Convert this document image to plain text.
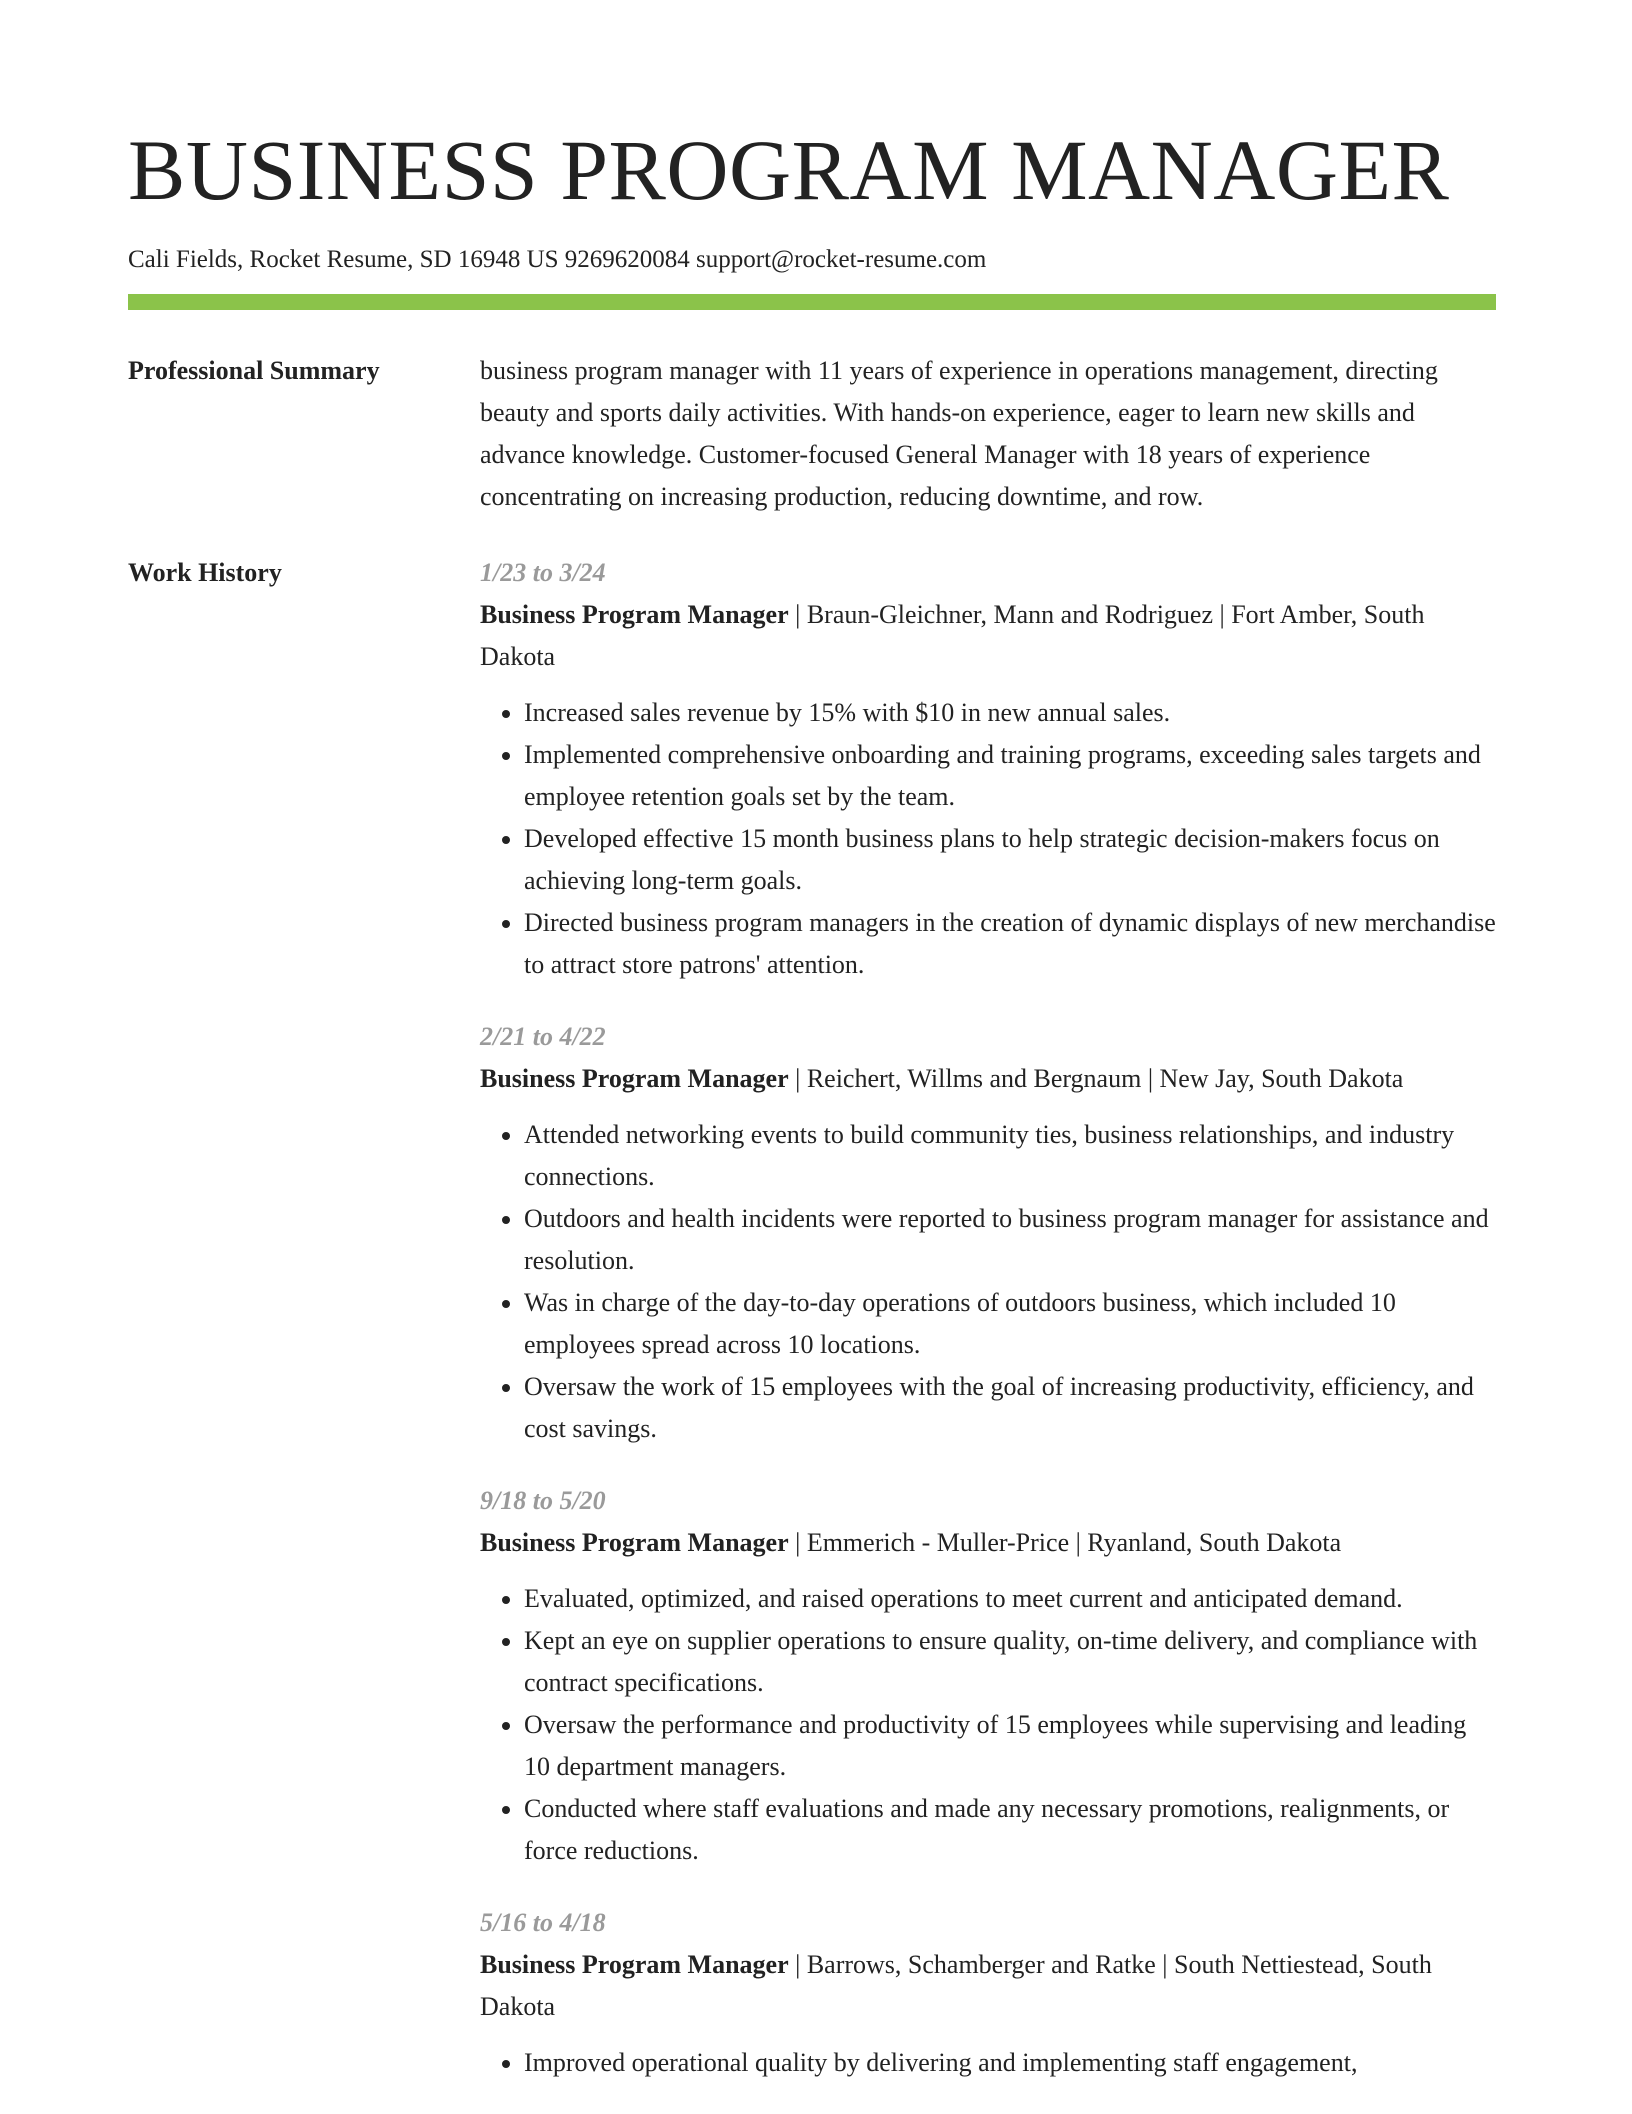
BUSINESS PROGRAM MANAGER
Cali Fields, Rocket Resume, SD 16948 US 9269620084 support@rocket-resume.com
Professional Summary	business program manager with 11 years of experience in operations management, directing beauty and sports daily activities. With hands-on experience, eager to learn new skills and advance knowledge. Customer-focused General Manager with 18 years of experience concentrating on increasing production, reducing downtime, and row.

Work History	1/23 to 3/24
Business Program Manager | Braun-Gleichner, Mann and Rodriguez | Fort Amber, South Dakota
• Increased sales revenue by 15% with $10 in new annual sales.
• Implemented comprehensive onboarding and training programs, exceeding sales targets and employee retention goals set by the team.
• Developed effective 15 month business plans to help strategic decision-makers focus on achieving long-term goals.
• Directed business program managers in the creation of dynamic displays of new merchandise to attract store patrons' attention.
2/21 to 4/22
Business Program Manager | Reichert, Willms and Bergnaum | New Jay, South Dakota
• Attended networking events to build community ties, business relationships, and industry connections.
• Outdoors and health incidents were reported to business program manager for assistance and resolution.
• Was in charge of the day-to-day operations of outdoors business, which included 10 employees spread across 10 locations.
• Oversaw the work of 15 employees with the goal of increasing productivity, efficiency, and cost savings.
9/18 to 5/20
Business Program Manager | Emmerich - Muller-Price | Ryanland, South Dakota
• Evaluated, optimized, and raised operations to meet current and anticipated demand.
• Kept an eye on supplier operations to ensure quality, on-time delivery, and compliance with contract specifications.
• Oversaw the performance and productivity of 15 employees while supervising and leading 10 department managers.
• Conducted where staff evaluations and made any necessary promotions, realignments, or force reductions.
5/16 to 4/18
Business Program Manager | Barrows, Schamberger and Ratke | South Nettiestead, South Dakota
• Improved operational quality by delivering and implementing staff engagement,
